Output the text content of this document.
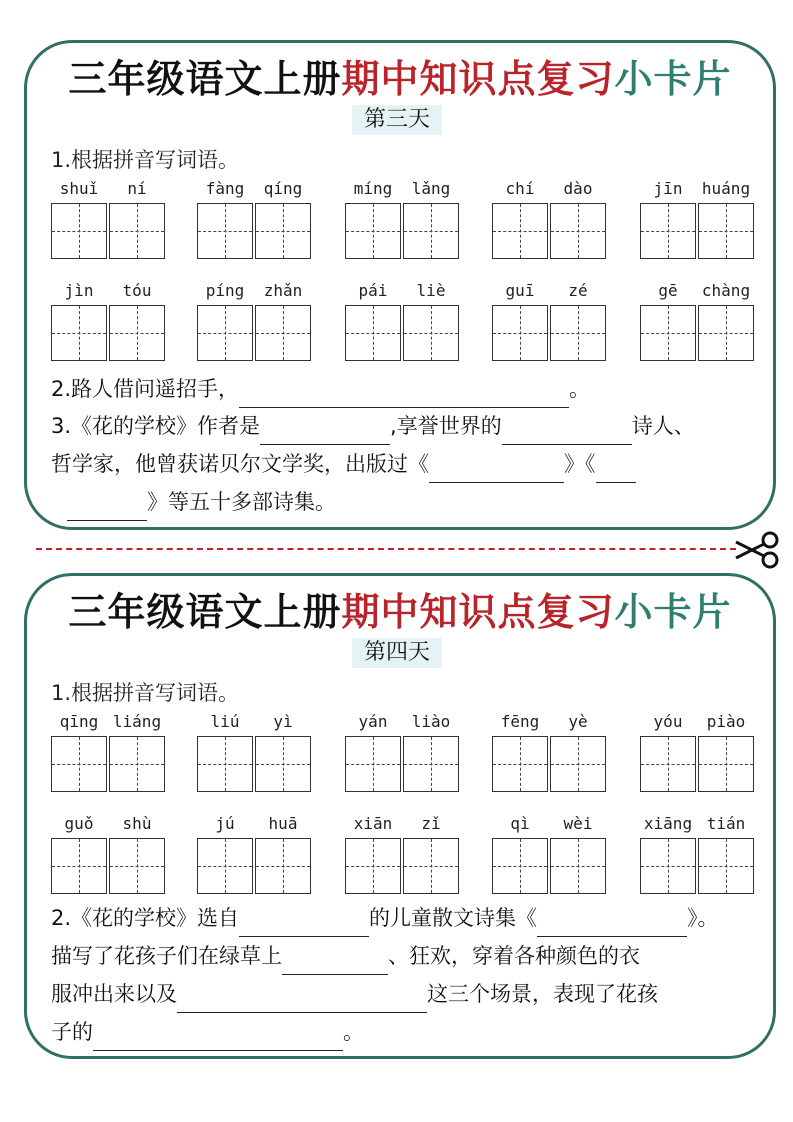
三年级语文上册期中知识点复习小卡片
第三天
1.根据拼音写词语。
2.路人借问遥招手，	。
3.《花的学校》作者是	,享誉世界的	诗人、
哲学家，他曾获诺贝尔文学奖，出版过《	》《
》等五十多部诗集。
shuǐ	ní	fàng	qíng	míng	lǎng	chí	dào	jīn	huáng
jìn	tóu	píng	zhǎn	pái	liè	guī	zé	gē	chàng
三年级语文上册期中知识点复习小卡片
第四天
1.根据拼音写词语。
2.《花的学校》选自	的儿童散文诗集《	》。
描写了花孩子们在绿草上	、狂欢，穿着各种颜色的衣
服冲出来以及	这三个场景，表现了花孩
子的	。
qīng liáng	liú	yì	yán	liào	fēng	yè	yóu	piào
guǒ	shù	jú	huā	xiān	zǐ	qì	wèi	xiāng tián
